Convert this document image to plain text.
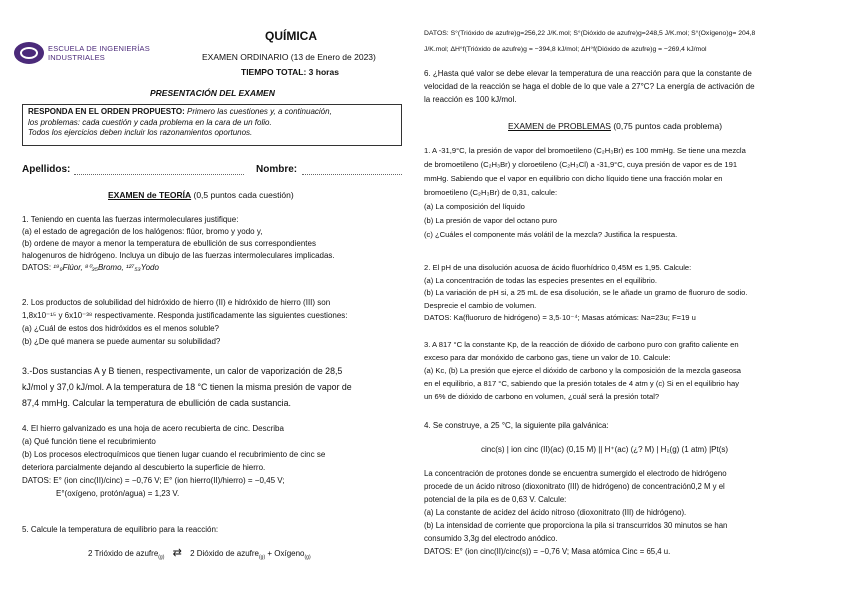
ESCUELA DE INGENIERÍAS
INDUSTRIALES
QUÍMICA
EXAMEN ORDINARIO (13 de Enero de 2023)
TIEMPO TOTAL: 3 horas
PRESENTACIÓN DEL EXAMEN
RESPONDA EN EL ORDEN PROPUESTO: Primero las cuestiones y, a continuación,
los problemas: cada cuestión y cada problema en la cara de un folio.
Todos los ejercicios deben incluir los razonamientos oportunos.
Apellidos:	Nombre:
EXAMEN de TEORÍA (0,5 puntos cada cuestión)
1. Teniendo en cuenta las fuerzas intermoleculares justifique:
(a) el estado de agregación de los halógenos: flúor, bromo y yodo y,
(b) ordene de mayor a menor la temperatura de ebullición de sus correspondientes
halogenuros de hidrógeno. Incluya un dibujo de las fuerzas intermoleculares implicadas.
DATOS: ¹⁹₉Flúor, ⁸⁰₃₅Bromo, ¹²⁷₅₃Yodo
2. Los productos de solubilidad del hidróxido de hierro (II) e hidróxido de hierro (III) son
1,8x10⁻¹⁵ y 6x10⁻³⁸ respectivamente. Responda justificadamente las siguientes cuestiones:
(a) ¿Cuál de estos dos hidróxidos es el menos soluble?
(b) ¿De qué manera se puede aumentar su solubilidad?
3.-Dos sustancias A y B tienen, respectivamente, un calor de vaporización de 28,5
kJ/mol y 37,0 kJ/mol. A la temperatura de 18 °C tienen la misma presión de vapor de
87,4 mmHg. Calcular la temperatura de ebullición de cada sustancia.
4. El hierro galvanizado es una hoja de acero recubierta de cinc. Describa
(a) Qué función tiene el recubrimiento
(b) Los procesos electroquímicos que tienen lugar cuando el recubrimiento de cinc se
deteriora parcialmente dejando al descubierto la superficie de hierro.
DATOS: E° (ion cinc(II)/cinc) = −0,76 V; E° (ion hierro(II)/hierro) = −0,45 V;
E°(oxígeno, protón/agua) = 1,23 V.
5. Calcule la temperatura de equilibrio para la reacción:
2 Trióxido de azufre$_{(g)}$ ⇄ 2 Dióxido de azufre$_{(g)}$ + Oxígeno$_{(g)}$
DATOS: S°(Trióxido de azufre)g=256,22 J/K.mol; S°(Dióxido de azufre)g=248,5 J/K.mol; S°(Oxígeno)g= 204,8
J/K.mol; ΔH°f(Trióxido de azufre)g = −394,8 kJ/mol; ΔH°f(Dióxido de azufre)g = −269,4 kJ/mol
6. ¿Hasta qué valor se debe elevar la temperatura de una reacción para que la constante de
velocidad de la reacción se haga el doble de lo que vale a 27°C? La energía de activación de
la reacción es 100 kJ/mol.
EXAMEN de PROBLEMAS (0,75 puntos cada problema)
1. A -31,9°C, la presión de vapor del bromoetileno (C₂H₃Br) es 100 mmHg. Se tiene una mezcla
de bromoetileno (C₂H₃Br) y cloroetileno (C₂H₃Cl) a -31,9°C, cuya presión de vapor es de 191
mmHg. Sabiendo que el vapor en equilibrio con dicho líquido tiene una fracción molar en
bromoetileno (C₂H₃Br) de 0,31, calcule:
(a) La composición del líquido
(b) La presión de vapor del octano puro
(c) ¿Cuáles el componente más volátil de la mezcla? Justifica la respuesta.
2. El pH de una disolución acuosa de ácido fluorhídrico 0,45M es 1,95. Calcule:
(a) La concentración de todas las especies presentes en el equilibrio.
(b) La variación de pH si, a 25 mL de esa disolución, se le añade un gramo de fluoruro de sodio.
Desprecie el cambio de volumen.
DATOS: Ka(fluoruro de hidrógeno) = 3,5·10⁻⁴; Masas atómicas: Na=23u; F=19 u
3. A 817 °C la constante Kp, de la reacción de dióxido de carbono puro con grafito caliente en
exceso para dar monóxido de carbono gas, tiene un valor de 10. Calcule:
(a) Kc, (b) La presión que ejerce el dióxido de carbono y la composición de la mezcla gaseosa
en el equilibrio, a 817 °C, sabiendo que la presión totales de 4 atm y (c) Si en el equilibrio hay
un 6% de dióxido de carbono en volumen, ¿cuál será la presión total?
4. Se construye, a 25 °C, la siguiente pila galvánica:
cinc(s) | ion cinc (II)(ac) (0,15 M) || H⁺(ac) (¿? M) | H₂(g) (1 atm) |Pt(s)
La concentración de protones donde se encuentra sumergido el electrodo de hidrógeno
procede de un ácido nitroso (dioxonitrato (III) de hidrógeno) de concentración0,2 M y el
potencial de la pila es de 0,63 V. Calcule:
(a) La constante de acidez del ácido nitroso (dioxonitrato (III) de hidrógeno).
(b) La intensidad de corriente que proporciona la pila si transcurridos 30 minutos se han
consumido 3,3g del electrodo anódico.
DATOS: E° (ion cinc(II)/cinc(s)) = −0,76 V; Masa atómica Cinc = 65,4 u.
